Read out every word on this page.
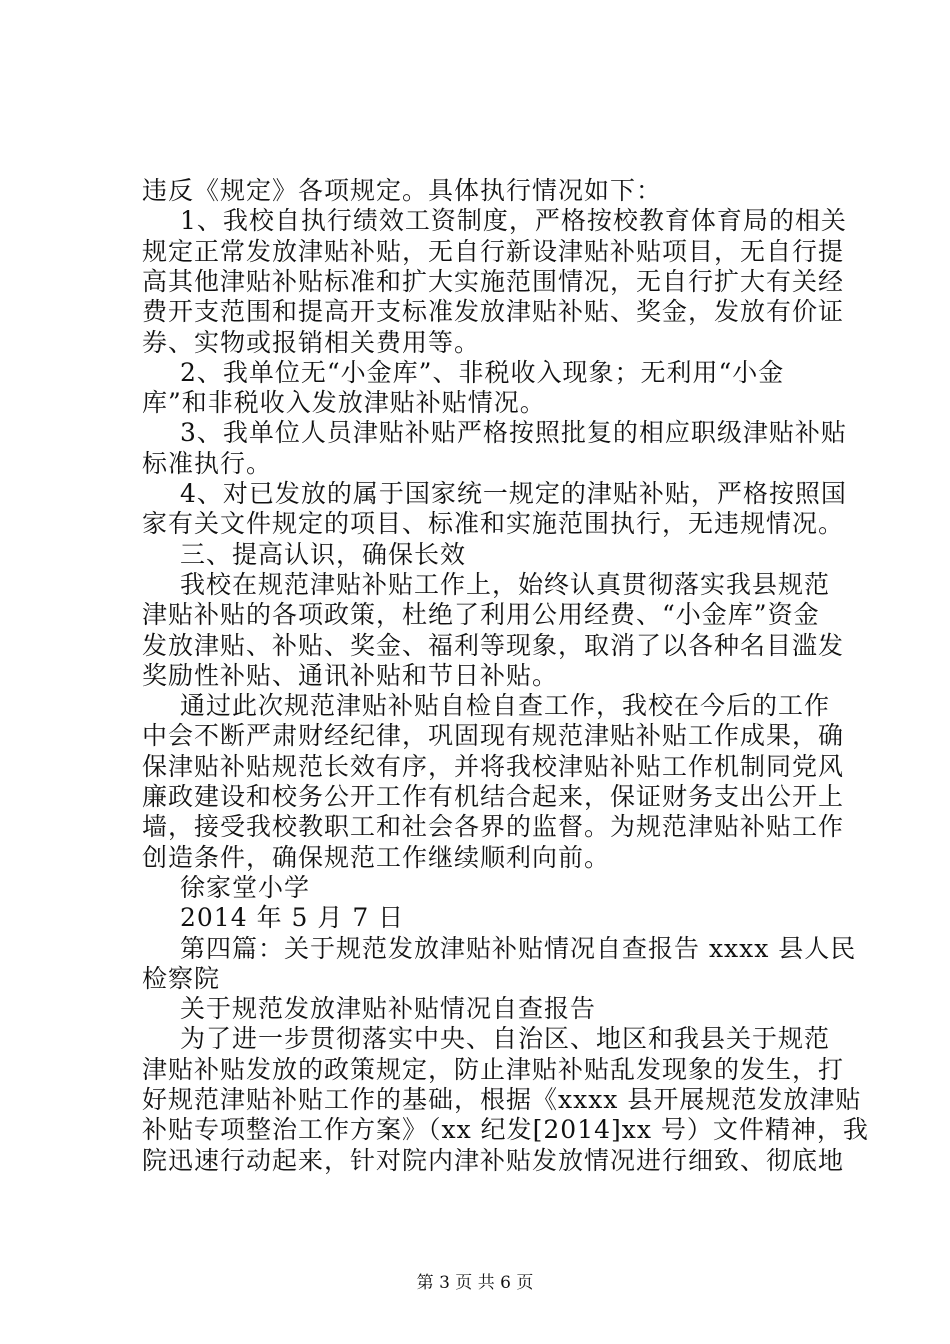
违反《规定》各项规定。具体执行情况如下：
1、我校自执行绩效工资制度，严格按校教育体育局的相关
规定正常发放津贴补贴，无自行新设津贴补贴项目，无自行提
高其他津贴补贴标准和扩大实施范围情况，无自行扩大有关经
费开支范围和提高开支标准发放津贴补贴、奖金，发放有价证
券、实物或报销相关费用等。
2、我单位无“小金库”、非税收入现象；无利用“小金
库”和非税收入发放津贴补贴情况。
3、我单位人员津贴补贴严格按照批复的相应职级津贴补贴
标准执行。
4、对已发放的属于国家统一规定的津贴补贴，严格按照国
家有关文件规定的项目、标准和实施范围执行，无违规情况。
三、提高认识，确保长效
我校在规范津贴补贴工作上，始终认真贯彻落实我县规范
津贴补贴的各项政策，杜绝了利用公用经费、“小金库”资金
发放津贴、补贴、奖金、福利等现象，取消了以各种名目滥发
奖励性补贴、通讯补贴和节日补贴。
通过此次规范津贴补贴自检自查工作，我校在今后的工作
中会不断严肃财经纪律，巩固现有规范津贴补贴工作成果，确
保津贴补贴规范长效有序，并将我校津贴补贴工作机制同党风
廉政建设和校务公开工作有机结合起来，保证财务支出公开上
墙，接受我校教职工和社会各界的监督。为规范津贴补贴工作
创造条件，确保规范工作继续顺利向前。
徐家堂小学
2014 年 5 月 7 日
第四篇：关于规范发放津贴补贴情况自查报告 xxxx 县人民
检察院
关于规范发放津贴补贴情况自查报告
为了进一步贯彻落实中央、自治区、地区和我县关于规范
第 3 页 共 6 页
津贴补贴发放的政策规定，防止津贴补贴乱发现象的发生，打
好规范津贴补贴工作的基础，根据《xxxx 县开展规范发放津贴
补贴专项整治工作方案》（xx 纪发[2014]xx 号）文件精神，我
院迅速行动起来，针对院内津补贴发放情况进行细致、彻底地
